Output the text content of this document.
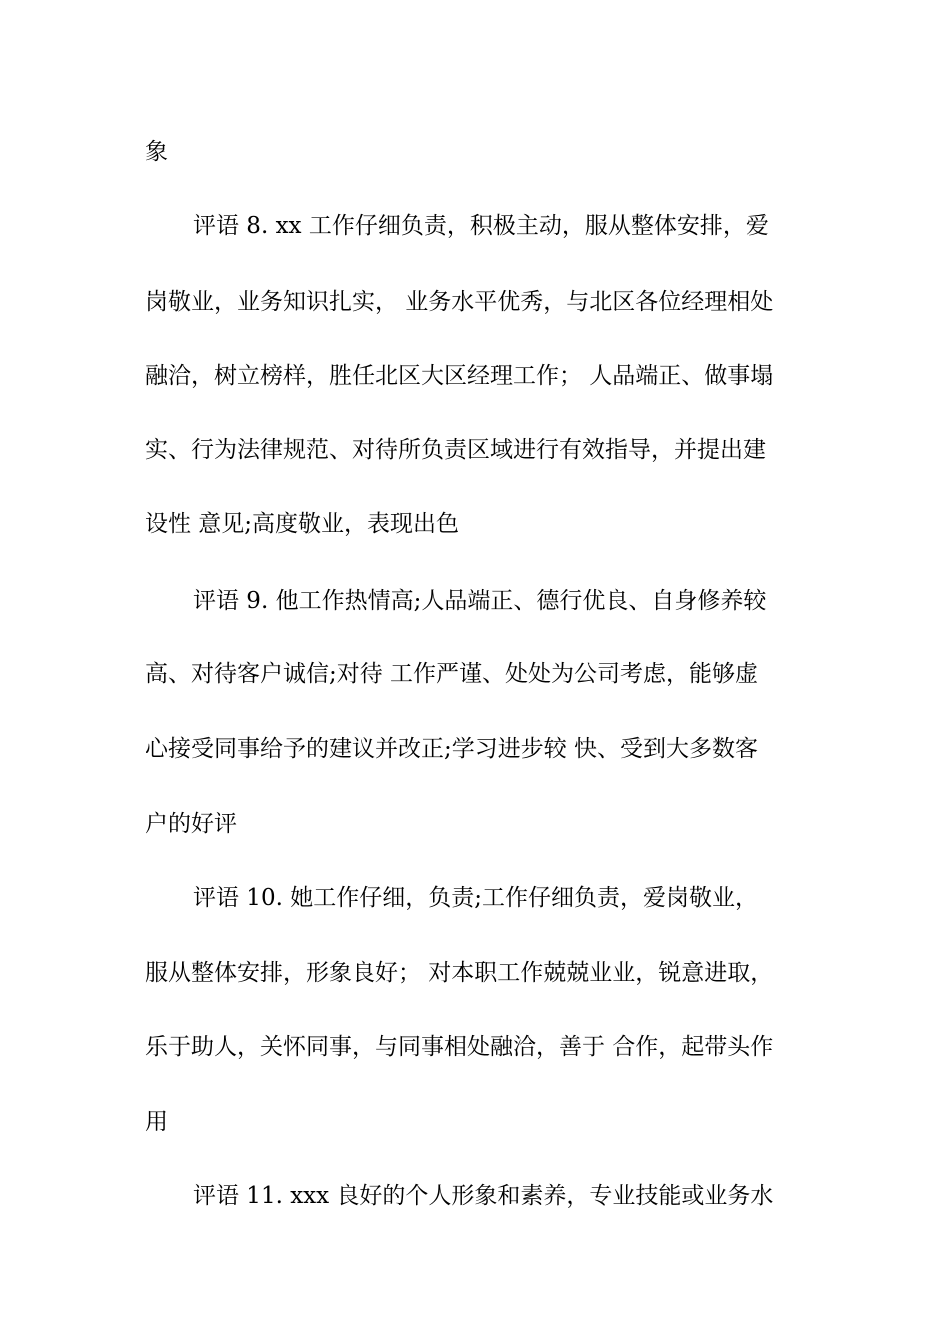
象
评语 8. xx 工作仔细负责，积极主动，服从整体安排，爱
岗敬业，业务知识扎实， 业务水平优秀，与北区各位经理相处
融洽，树立榜样，胜任北区大区经理工作； 人品端正、做事塌
实、行为法律规范、对待所负责区域进行有效指导，并提出建
设性 意见;高度敬业，表现出色
评语 9. 他工作热情高;人品端正、德行优良、自身修养较
高、对待客户诚信;对待 工作严谨、处处为公司考虑，能够虚
心接受同事给予的建议并改正;学习进步较 快、受到大多数客
户的好评
评语 10. 她工作仔细，负责;工作仔细负责，爱岗敬业，
服从整体安排，形象良好； 对本职工作兢兢业业，锐意进取，
乐于助人，关怀同事，与同事相处融洽，善于 合作，起带头作
用
评语 11. xxx 良好的个人形象和素养，专业技能或业务水
